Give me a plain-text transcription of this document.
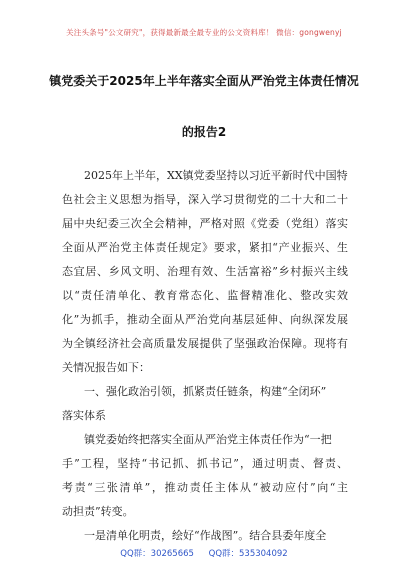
关注头条号"公文研究"，获得最新最全最专业的公文资料库！ 微信：gongwenyj
镇党委关于2025年上半年落实全面从严治党主体责任情况
的报告2
2025年上半年，XX镇党委坚持以习近平新时代中国特
色社会主义思想为指导，深入学习贯彻党的二十大和二十
届中央纪委三次全会精神，严格对照《党委（党组）落实
全面从严治党主体责任规定》要求，紧扣“产业振兴、生
态宜居、乡风文明、治理有效、生活富裕”乡村振兴主线
以“责任清单化、教育常态化、监督精准化、整改实效
化”为抓手，推动全面从严治党向基层延伸、向纵深发展
为全镇经济社会高质量发展提供了坚强政治保障。现将有
关情况报告如下：
一、强化政治引领，抓紧责任链条，构建“全闭环”
落实体系
镇党委始终把落实全面从严治党主体责任作为“一把
手”工程，坚持“书记抓、抓书记”，通过明责、督责、
考责“三张清单”，推动责任主体从“被动应付”向“主
动担责”转变。
一是清单化明责，绘好“作战图”。结合县委年度全
QQ群：30265665 QQ群：535304092
